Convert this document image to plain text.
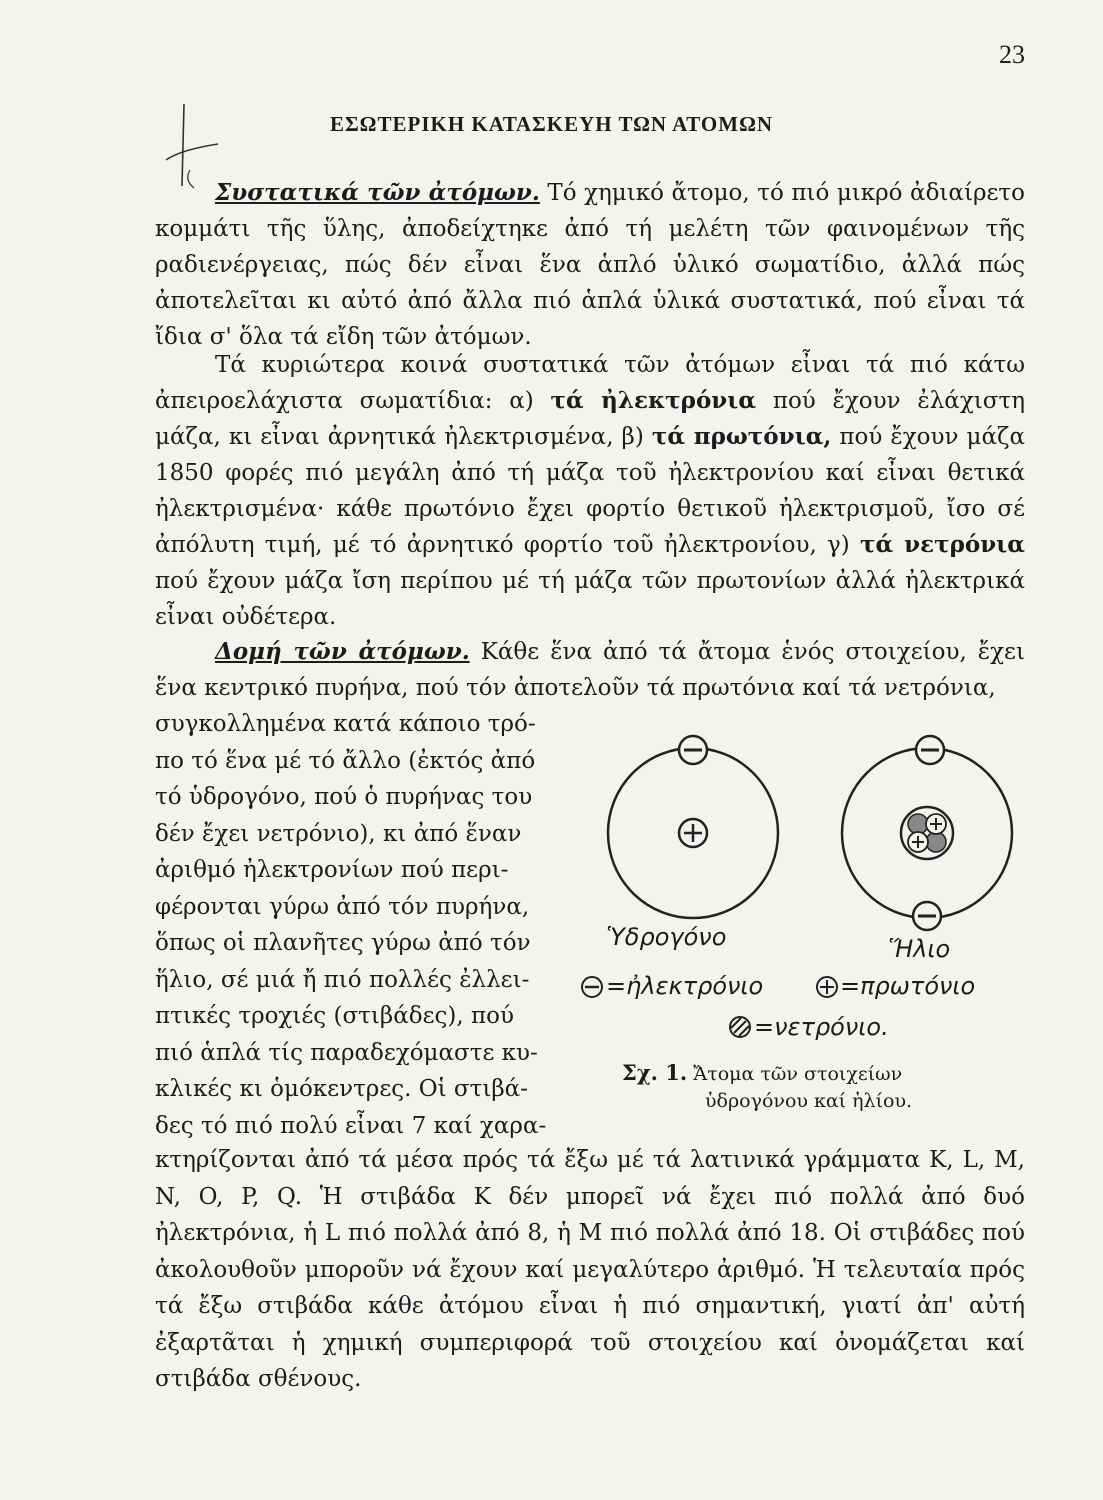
23
ΕΣΩΤΕΡΙΚΗ ΚΑΤΑΣΚΕΥΗ ΤΩΝ ΑΤΟΜΩΝ
Συστατικά τῶν ἀτόμων. Τό χημικό ἄτομο, τό πιό μικρό ἀδιαίρετο κομμάτι τῆς ὕλης, ἀποδείχτηκε ἀπό τή μελέτη τῶν φαινομένων τῆς ραδιενέργειας, πώς δέν εἶναι ἕνα ἁπλό ὑλικό σωματίδιο, ἀλλά πώς ἀποτελεῖται κι αὐτό ἀπό ἄλλα πιό ἁπλά ὑλικά συστατικά, πού εἶναι τά ἴδια σ' ὅλα τά εἴδη τῶν ἀτόμων.
Τά κυριώτερα κοινά συστατικά τῶν ἀτόμων εἶναι τά πιό κάτω ἀπειροελάχιστα σωματίδια: α) τά ἠλεκτρόνια πού ἔχουν ἐλάχιστη μάζα, κι εἶναι ἀρνητικά ἠλεκτρισμένα, β) τά πρωτόνια, πού ἔχουν μάζα 1850 φορές πιό μεγάλη ἀπό τή μάζα τοῦ ἠλεκτρονίου καί εἶναι θετικά ἠλεκτρισμένα· κάθε πρωτόνιο ἔχει φορτίο θετικοῦ ἠλεκτρισμοῦ, ἴσο σέ ἀπόλυτη τιμή, μέ τό ἀρνητικό φορτίο τοῦ ἠλεκτρονίου, γ) τά νετρόνια πού ἔχουν μάζα ἴση περίπου μέ τή μάζα τῶν πρωτονίων ἀλλά ἠλεκτρικά εἶναι οὐδέτερα.
Δομή τῶν ἀτόμων. Κάθε ἕνα ἀπό τά ἄτομα ἑνός στοιχείου, ἔχει ἕνα κεντρικό πυρήνα, πού τόν ἀποτελοῦν τά πρωτόνια καί τά νετρόνια,
συγκολλημένα κατά κάποιο τρό-
πο τό ἕνα μέ τό ἄλλο (ἐκτός ἀπό
τό ὑδρογόνο, πού ὁ πυρήνας του
δέν ἔχει νετρόνιο), κι ἀπό ἕναν
ἀριθμό ἠλεκτρονίων πού περι-
φέρονται γύρω ἀπό τόν πυρήνα,
ὅπως οἱ πλανῆτες γύρω ἀπό τόν
ἥλιο, σέ μιά ἤ πιό πολλές ἐλλει-
πτικές τροχιές (στιβάδες), πού
πιό ἁπλά τίς παραδεχόμαστε κυ-
κλικές κι ὁμόκεντρες. Οἱ στιβά-
δες τό πιό πολύ εἶναι 7 καί χαρα-
Ὑδρογόνο	Ἥλιο
=ἠλεκτρόνιο	=πρωτόνιο
=νετρόνιο.
Σχ. 1. Ἄτομα τῶν στοιχείων
ὑδρογόνου καί ἡλίου.
κτηρίζονται ἀπό τά μέσα πρός τά ἔξω μέ τά λατινικά γράμματα K, L, M, N, O, P, Q. Ἡ στιβάδα K δέν μπορεῖ νά ἔχει πιό πολλά ἀπό δυό ἠλεκτρόνια, ἡ L πιό πολλά ἀπό 8, ἡ M πιό πολλά ἀπό 18. Οἱ στιβάδες πού ἀκολουθοῦν μποροῦν νά ἔχουν καί μεγαλύτερο ἀριθμό. Ἡ τελευταία πρός τά ἔξω στιβάδα κάθε ἀτόμου εἶναι ἡ πιό σημαντική, γιατί ἀπ' αὐτή ἐξαρτᾶται ἡ χημική συμπεριφορά τοῦ στοιχείου καί ὀνομάζεται καί στιβάδα σθένους.
